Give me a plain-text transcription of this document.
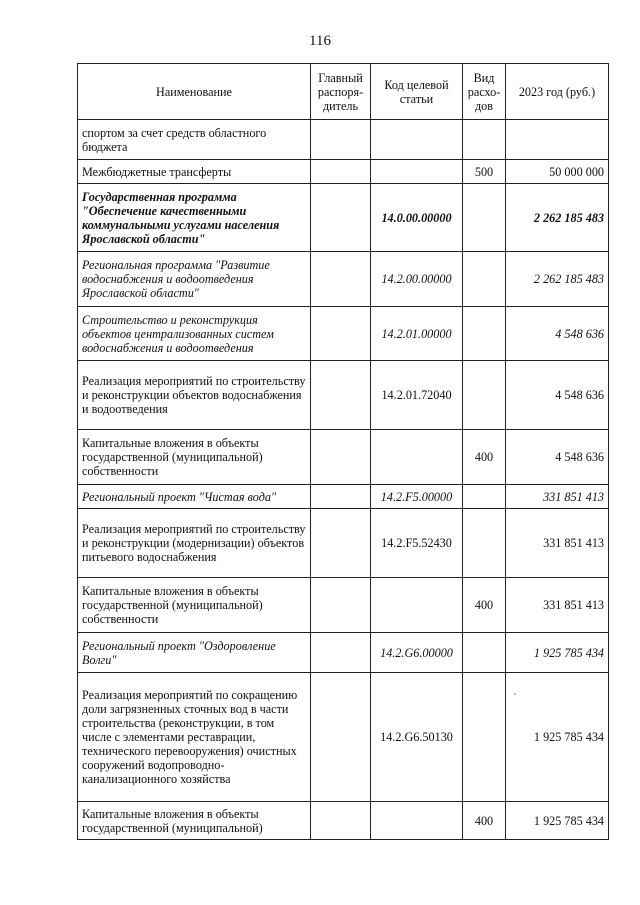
116
Наименование	Главный распоря-дитель	Код целевой статьи	Вид расхо-дов	2023 год (руб.)
спортом за счет средств областного бюджета				
Межбюджетные трансферты			500	50 000 000
Государственная программа "Обеспечение качественными коммунальными услугами населения Ярославской области"		14.0.00.00000		2 262 185 483
Региональная программа "Развитие водоснабжения и водоотведения Ярославской области"		14.2.00.00000		2 262 185 483
Строительство и реконструкция объектов централизованных систем водоснабжения и водоотведения		14.2.01.00000		4 548 636
Реализация мероприятий по строительству и реконструкции объектов водоснабжения и водоотведения		14.2.01.72040		4 548 636
Капитальные вложения в объекты государственной (муниципальной) собственности			400	4 548 636
Региональный проект "Чистая вода"		14.2.F5.00000		331 851 413
Реализация мероприятий по строительству и реконструкции (модернизации) объектов питьевого водоснабжения		14.2.F5.52430		331 851 413
Капитальные вложения в объекты государственной (муниципальной) собственности			400	331 851 413
Региональный проект "Оздоровление Волги"		14.2.G6.00000		1 925 785 434
Реализация мероприятий по сокращению доли загрязненных сточных вод в части строительства (реконструкции, в том числе с элементами реставрации, технического перевооружения) очистных сооружений водопроводно-канализационного хозяйства		14.2.G6.50130		1 925 785 434
Капитальные вложения в объекты государственной (муниципальной)			400	1 925 785 434
